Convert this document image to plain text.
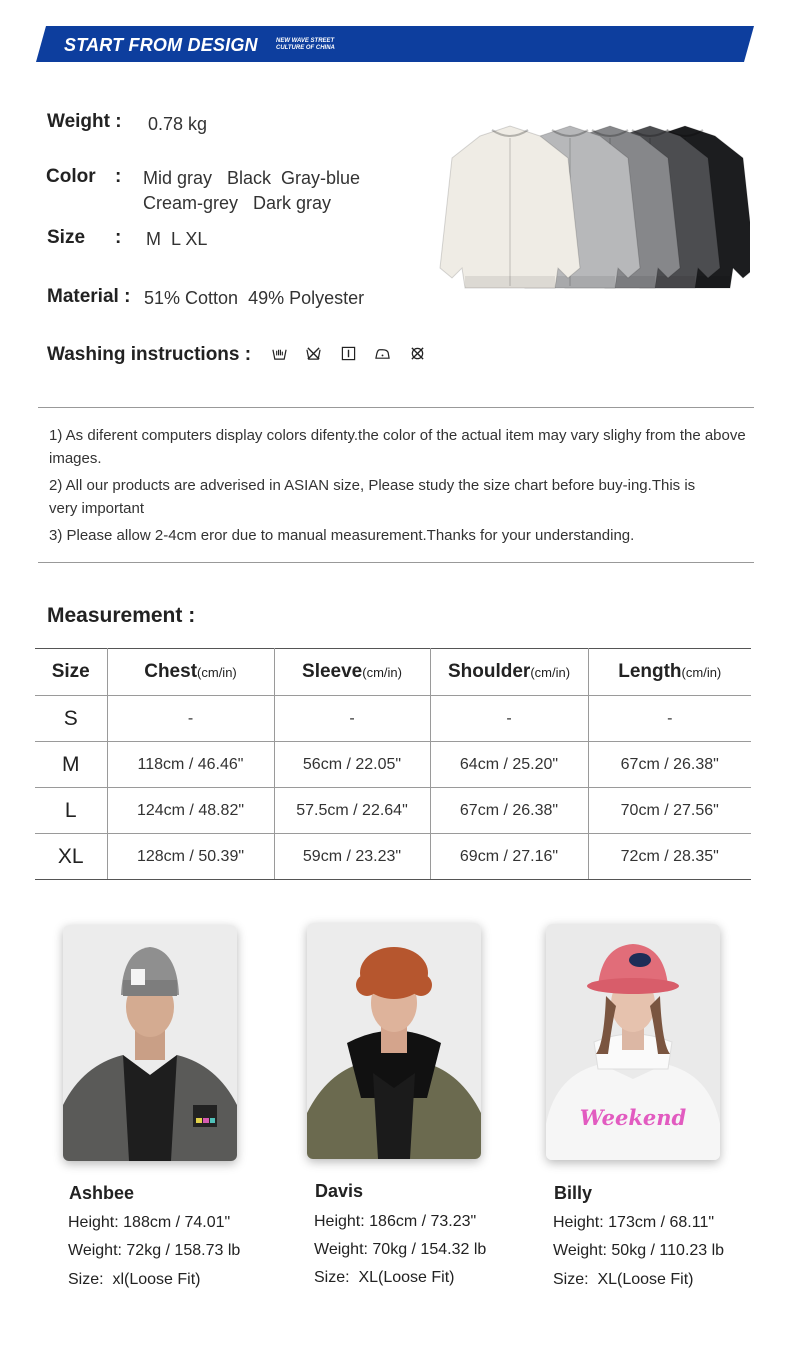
START FROM DESIGN	NEW WAVE STREET
CULTURE OF CHINA
Weight : 0.78 kg
Color : Mid gray   Black  Gray-blue
Cream-grey   Dark gray
Size : M  L XL
Material : 51% Cotton  49% Polyester
Washing instructions :
1) As diferent computers display colors difenty.the color of the actual item may vary slighy from the above images.
2) All our products are adverised in ASIAN size, Please study the size chart before buy-ing.This is very important
3) Please allow 2-4cm eror due to manual measurement.Thanks for your understanding.
Measurement :
Size	Chest(cm/in)	Sleeve(cm/in)	Shoulder(cm/in)	Length(cm/in)
S	-	-	-	-
M	118cm / 46.46"	56cm / 22.05"	64cm / 25.20"	67cm / 26.38"
L	124cm / 48.82"	57.5cm / 22.64"	67cm / 26.38"	70cm / 27.56"
XL	128cm / 50.39"	59cm / 23.23"	69cm / 27.16"	72cm / 28.35"
Weekend
Ashbee
Height: 188cm / 74.01"
Weight: 72kg / 158.73 lb
Size:  xl(Loose Fit)
Davis
Height: 186cm / 73.23"
Weight: 70kg / 154.32 lb
Size:  XL(Loose Fit)
Billy
Height: 173cm / 68.11"
Weight: 50kg / 110.23 lb
Size:  XL(Loose Fit)
